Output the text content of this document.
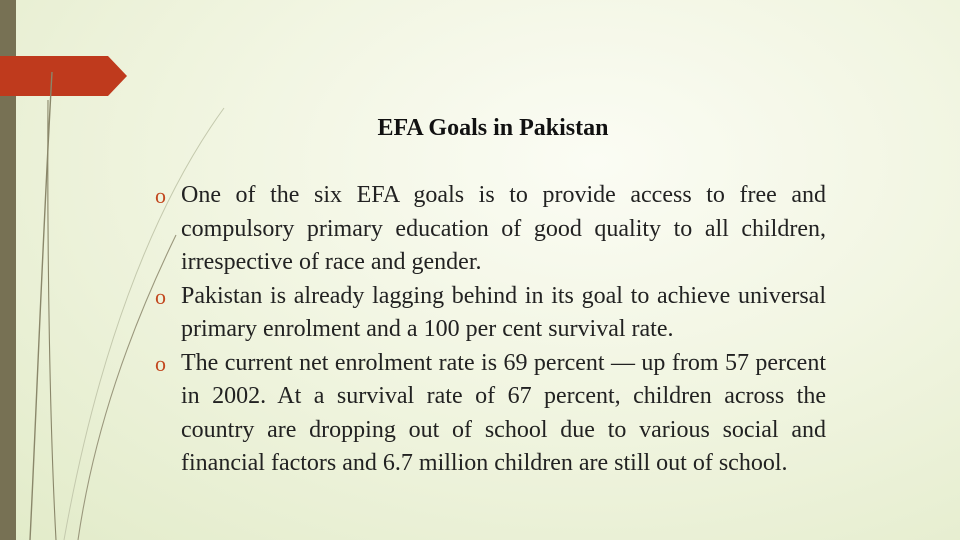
EFA Goals in Pakistan
o One of the six EFA goals is to provide access to free and compulsory primary education of good quality to all children, irrespective of race and gender.
o Pakistan is already lagging behind in its goal to achieve universal primary enrolment and a 100 per cent survival rate.
o The current net enrolment rate is 69 percent — up from 57 percent in 2002. At a survival rate of 67 percent, children across the country are dropping out of school due to various social and financial factors and 6.7 million children are still out of school.
